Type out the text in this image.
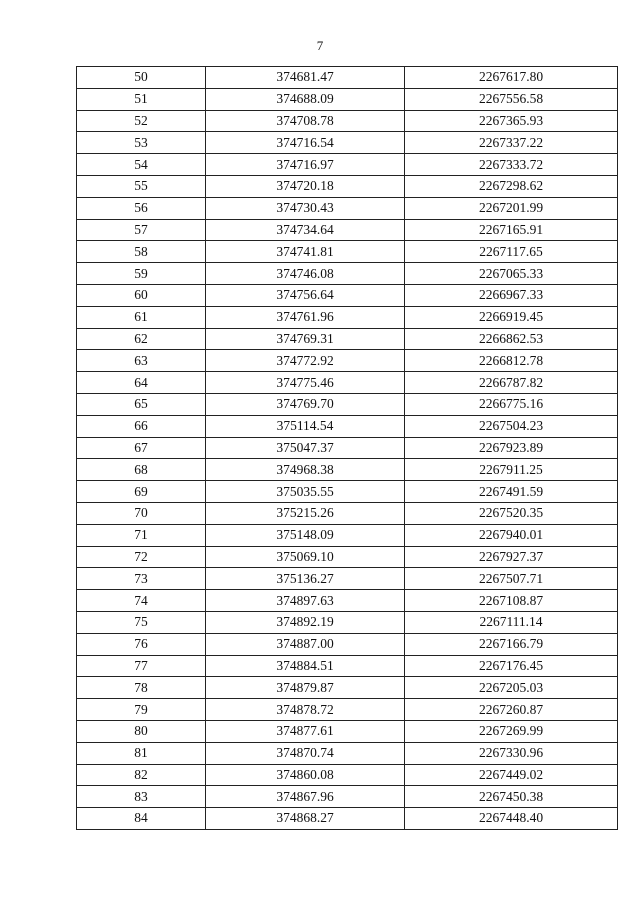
7
50	374681.47	2267617.80
51	374688.09	2267556.58
52	374708.78	2267365.93
53	374716.54	2267337.22
54	374716.97	2267333.72
55	374720.18	2267298.62
56	374730.43	2267201.99
57	374734.64	2267165.91
58	374741.81	2267117.65
59	374746.08	2267065.33
60	374756.64	2266967.33
61	374761.96	2266919.45
62	374769.31	2266862.53
63	374772.92	2266812.78
64	374775.46	2266787.82
65	374769.70	2266775.16
66	375114.54	2267504.23
67	375047.37	2267923.89
68	374968.38	2267911.25
69	375035.55	2267491.59
70	375215.26	2267520.35
71	375148.09	2267940.01
72	375069.10	2267927.37
73	375136.27	2267507.71
74	374897.63	2267108.87
75	374892.19	2267111.14
76	374887.00	2267166.79
77	374884.51	2267176.45
78	374879.87	2267205.03
79	374878.72	2267260.87
80	374877.61	2267269.99
81	374870.74	2267330.96
82	374860.08	2267449.02
83	374867.96	2267450.38
84	374868.27	2267448.40
